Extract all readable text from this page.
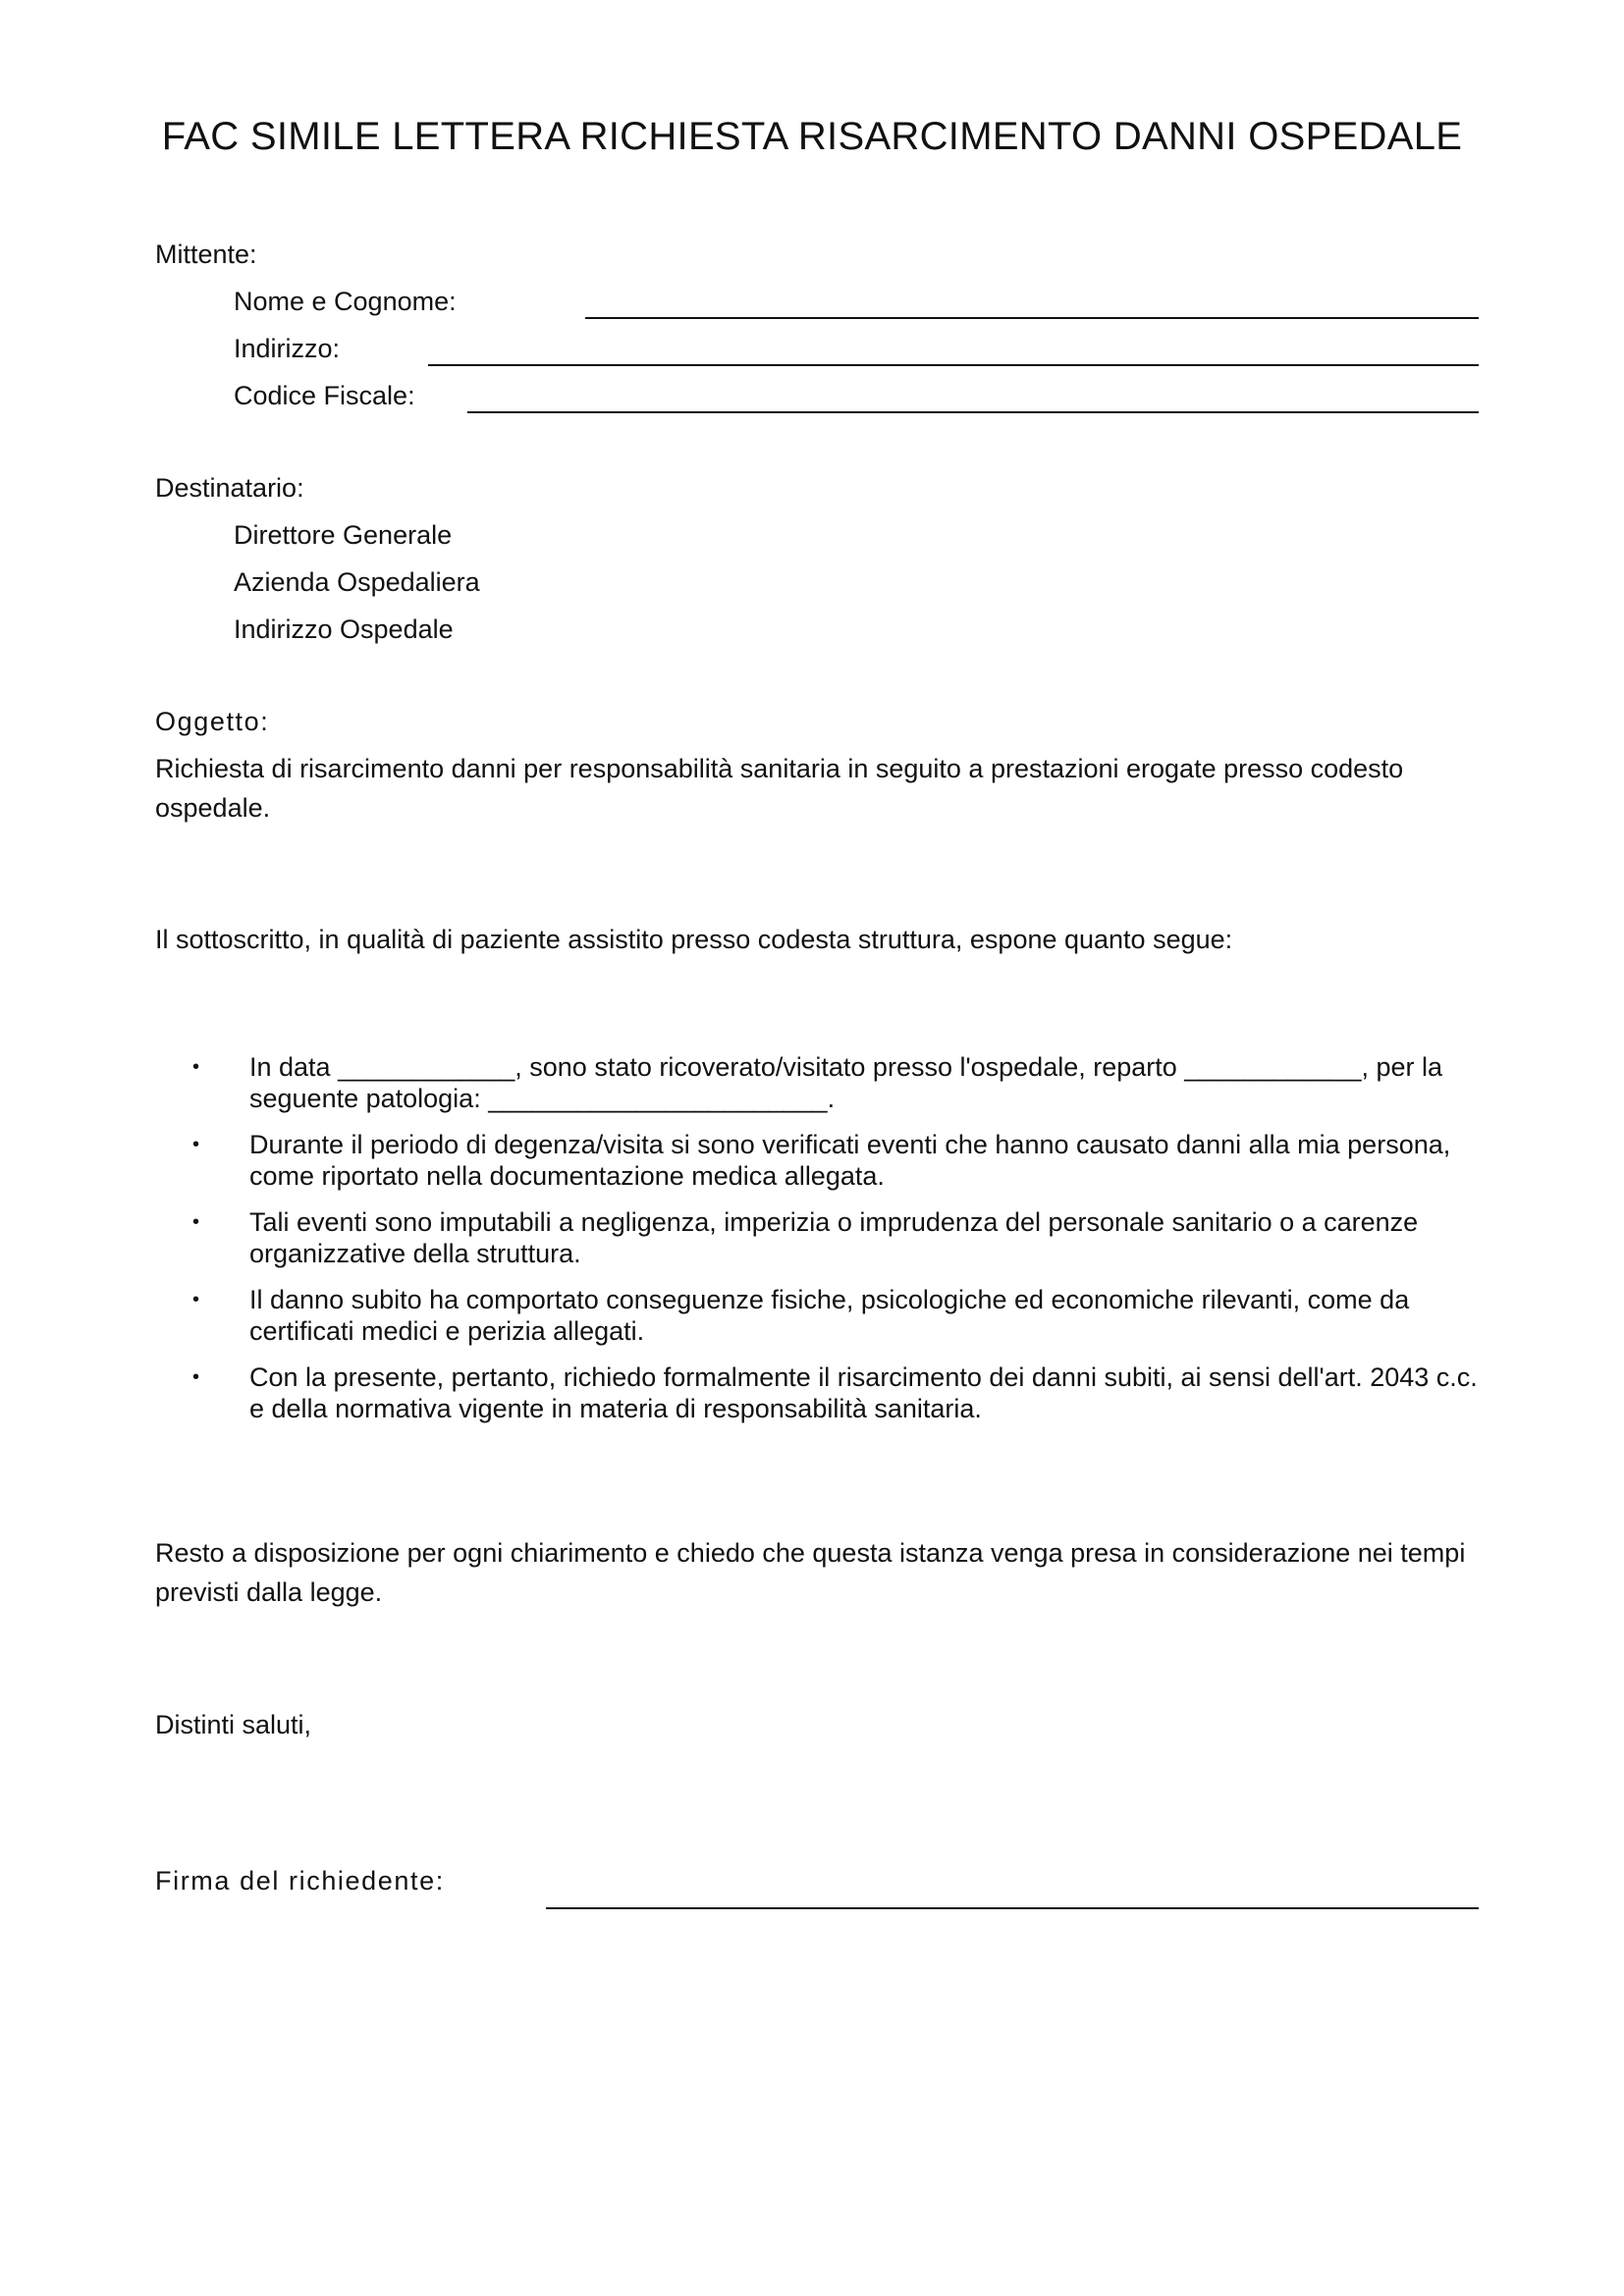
FAC SIMILE LETTERA RICHIESTA RISARCIMENTO DANNI OSPEDALE
Mittente:
Nome e Cognome:
Indirizzo:
Codice Fiscale:
Destinatario:
Direttore Generale
Azienda Ospedaliera
Indirizzo Ospedale
Oggetto:
Richiesta di risarcimento danni per responsabilità sanitaria in seguito a prestazioni erogate presso codesto ospedale.
Il sottoscritto, in qualità di paziente assistito presso codesta struttura, espone quanto segue:
• In data ____________, sono stato ricoverato/visitato presso l'ospedale, reparto ____________, per la seguente patologia: _______________________.
• Durante il periodo di degenza/visita si sono verificati eventi che hanno causato danni alla mia persona, come riportato nella documentazione medica allegata.
• Tali eventi sono imputabili a negligenza, imperizia o imprudenza del personale sanitario o a carenze organizzative della struttura.
• Il danno subito ha comportato conseguenze fisiche, psicologiche ed economiche rilevanti, come da certificati medici e perizia allegati.
• Con la presente, pertanto, richiedo formalmente il risarcimento dei danni subiti, ai sensi dell'art. 2043 c.c. e della normativa vigente in materia di responsabilità sanitaria.
Resto a disposizione per ogni chiarimento e chiedo che questa istanza venga presa in considerazione nei tempi previsti dalla legge.
Distinti saluti,
Firma del richiedente:
